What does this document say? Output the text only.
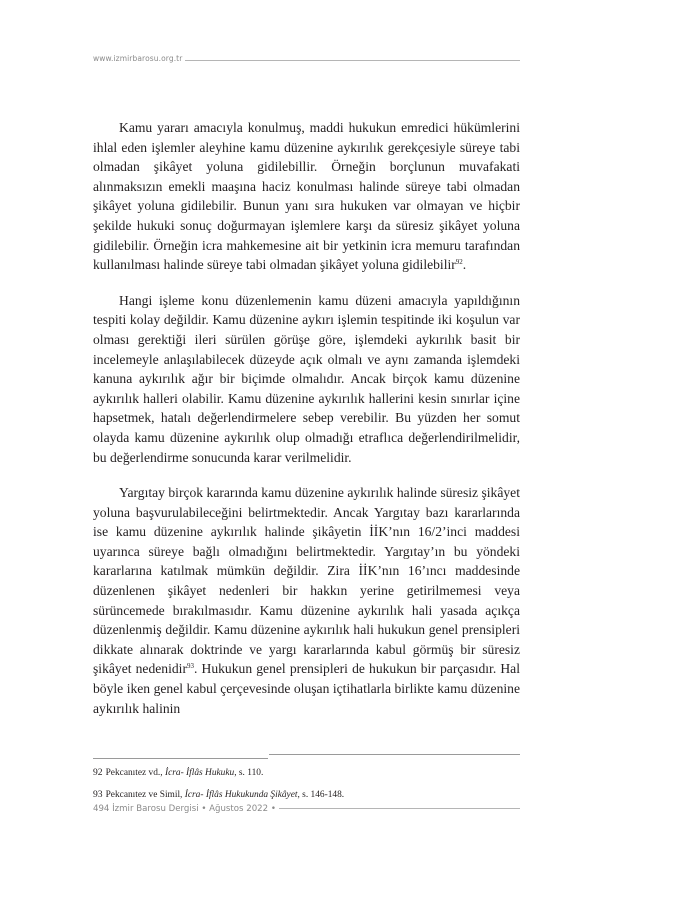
www.izmirbarosu.org.tr

Kamu yararı amacıyla konulmuş, maddi hukukun emredici hükümlerini ihlal eden işlemler aleyhine kamu düzenine aykırılık gerekçesiyle süreye tabi olmadan şikâyet yoluna gidilebillir. Örneğin borçlunun muvafakati alınmaksızın emekli maaşına haciz konulması halinde süreye tabi olmadan şikâyet yoluna gidilebilir. Bunun yanı sıra hukuken var olmayan ve hiçbir şekilde hukuki sonuç doğurmayan işlemlere karşı da süresiz şikâyet yoluna gidilebilir. Örneğin icra mahkemesine ait bir yetkinin icra memuru tarafından kullanılması halinde süreye tabi olmadan şikâyet yoluna gidilebilir$^{92}$.

Hangi işleme konu düzenlemenin kamu düzeni amacıyla yapıldığının tespiti kolay değildir. Kamu düzenine aykırı işlemin tespitinde iki koşulun var olması gerektiği ileri sürülen görüşe göre, işlemdeki aykırılık basit bir incelemeyle anlaşılabilecek düzeyde açık olmalı ve aynı zamanda işlemdeki kanuna aykırılık ağır bir biçimde olmalıdır. Ancak birçok kamu düzenine aykırılık halleri olabilir. Kamu düzenine aykırılık hallerini kesin sınırlar içine hapsetmek, hatalı değerlendirmelere sebep verebilir. Bu yüzden her somut olayda kamu düzenine aykırılık olup olmadığı etraflıca değerlendirilmelidir, bu değerlendirme sonucunda karar verilmelidir.

Yargıtay birçok kararında kamu düzenine aykırılık halinde süresiz şikâyet yoluna başvurulabileceğini belirtmektedir. Ancak Yargıtay bazı kararlarında ise kamu düzenine aykırılık halinde şikâyetin İİK’nın 16/2’inci maddesi uyarınca süreye bağlı olmadığını belirtmektedir. Yargıtay’ın bu yöndeki kararlarına katılmak mümkün değildir. Zira İİK’nın 16’ıncı maddesinde düzenlenen şikâyet nedenleri bir hakkın yerine getirilmemesi veya sürüncemede bırakılmasıdır. Kamu düzenine aykırılık hali yasada açıkça düzenlenmiş değildir. Kamu düzenine aykırılık hali hukukun genel prensipleri dikkate alınarak doktrinde ve yargı kararlarında kabul görmüş bir süresiz şikâyet nedenidir$^{93}$. Hukukun genel prensipleri de hukukun bir parçasıdır. Hal böyle iken genel kabul çerçevesinde oluşan içtihatlarla birlikte kamu düzenine aykırılık halinin

92 Pekcanıtez vd., İcra- İflâs Hukuku, s. 110.

93 Pekcanıtez ve Simil, İcra- İflâs Hukukunda Şikâyet, s. 146-148.

494 İzmir Barosu Dergisi • Ağustos 2022 •
